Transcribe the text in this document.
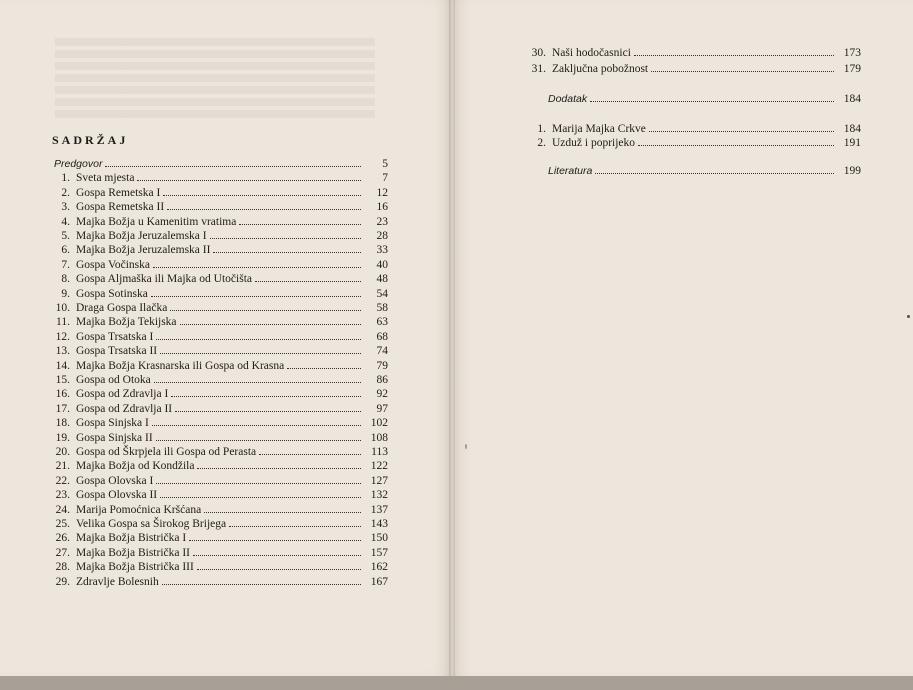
SADRŽAJ
Predgovor	5
1. Sveta mjesta	7
2. Gospa Remetska I	12
3. Gospa Remetska II	16
4. Majka Božja u Kamenitim vratima	23
5. Majka Božja Jeruzalemska I	28
6. Majka Božja Jeruzalemska II	33
7. Gospa Vočinska	40
8. Gospa Aljmaška ili Majka od Utočišta	48
9. Gospa Sotinska	54
10. Draga Gospa Ilačka	58
11. Majka Božja Tekijska	63
12. Gospa Trsatska I	68
13. Gospa Trsatska II	74
14. Majka Božja Krasnarska ili Gospa od Krasna	79
15. Gospa od Otoka	86
16. Gospa od Zdravlja I	92
17. Gospa od Zdravlja II	97
18. Gospa Sinjska I	102
19. Gospa Sinjska II	108
20. Gospa od Škrpjela ili Gospa od Perasta	113
21. Majka Božja od Kondžila	122
22. Gospa Olovska I	127
23. Gospa Olovska II	132
24. Marija Pomoćnica Kršćana	137
25. Velika Gospa sa Širokog Brijega	143
26. Majka Božja Bistrička I	150
27. Majka Božja Bistrička II	157
28. Majka Božja Bistrička III	162
29. Zdravlje Bolesnih	167
30. Naši hodočasnici	173
31. Zaključna pobožnost	179
Dodatak	184
1. Marija Majka Crkve	184
2. Uzduž i poprijeko	191
Literatura	199
